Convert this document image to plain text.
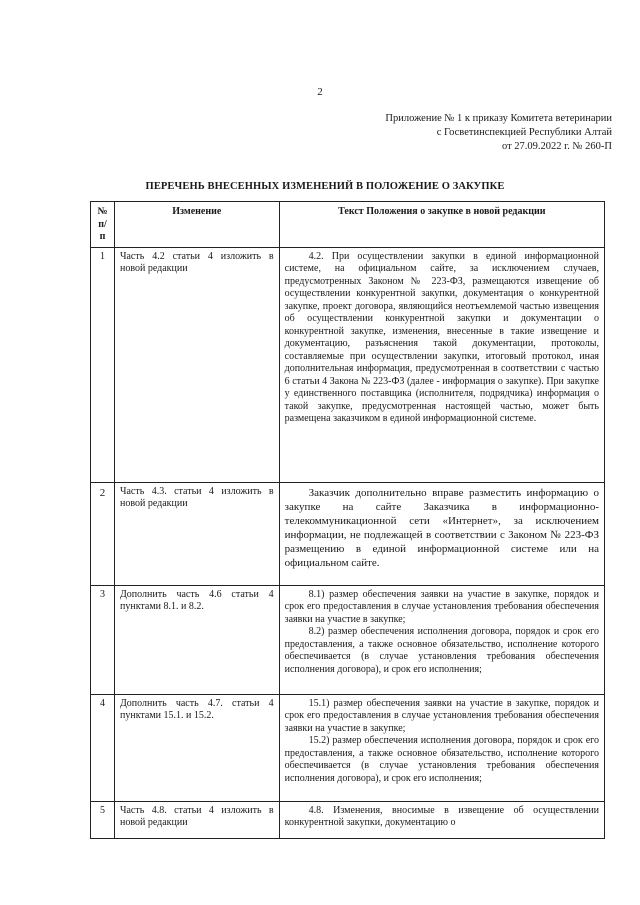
2
Приложение № 1 к приказу Комитета ветеринарии
с Госветинспекцией Республики Алтай
от 27.09.2022 г. № 260-П
ПЕРЕЧЕНЬ ВНЕСЕННЫХ ИЗМЕНЕНИЙ В ПОЛОЖЕНИЕ О ЗАКУПКЕ
№ п/п	Изменение	Текст Положения о закупке в новой редакции
1	Часть 4.2 статьи 4 изложить в новой редакции	4.2. При осуществлении закупки в единой информационной системе, на официальном сайте, за исключением случаев, предусмотренных Законом № 223-ФЗ, размещаются извещение об осуществлении конкурентной закупки, документация о конкурентной закупке, проект договора, являющийся неотъемлемой частью извещения об осуществлении конкурентной закупки и документации о конкурентной закупке, изменения, внесенные в такие извещение и документацию, разъяснения такой документации, протоколы, составляемые при осуществлении закупки, итоговый протокол, иная дополнительная информация, предусмотренная в соответствии с частью 6 статьи 4 Закона № 223-ФЗ (далее - информация о закупке). При закупке у единственного поставщика (исполнителя, подрядчика) информация о такой закупке, предусмотренная настоящей частью, может быть размещена заказчиком в единой информационной системе.

2	Часть 4.3. статьи 4 изложить в новой редакции	Заказчик дополнительно вправе разместить информацию о закупке на сайте Заказчика в информационно-телекоммуникационной сети «Интернет», за исключением информации, не подлежащей в соответствии с Законом № 223-ФЗ размещению в единой информационной системе или на официальном сайте.

3	Дополнить часть 4.6 статьи 4 пунктами 8.1. и 8.2.	8.1) размер обеспечения заявки на участие в закупке, порядок и срок его предоставления в случае установления требования обеспечения заявки на участие в закупке;

8.2) размер обеспечения исполнения договора, порядок и срок его предоставления, а также основное обязательство, исполнение которого обеспечивается (в случае установления требования обеспечения исполнения договора), и срок его исполнения;

4	Дополнить часть 4.7. статьи 4 пунктами 15.1. и 15.2.	15.1) размер обеспечения заявки на участие в закупке, порядок и срок его предоставления в случае установления требования обеспечения заявки на участие в закупке;

15.2) размер обеспечения исполнения договора, порядок и срок его предоставления, а также основное обязательство, исполнение которого обеспечивается (в случае установления требования обеспечения исполнения договора), и срок его исполнения;

5	Часть 4.8. статьи 4 изложить в новой редакции	4.8. Изменения, вносимые в извещение об осуществлении конкурентной закупки, документацию о
